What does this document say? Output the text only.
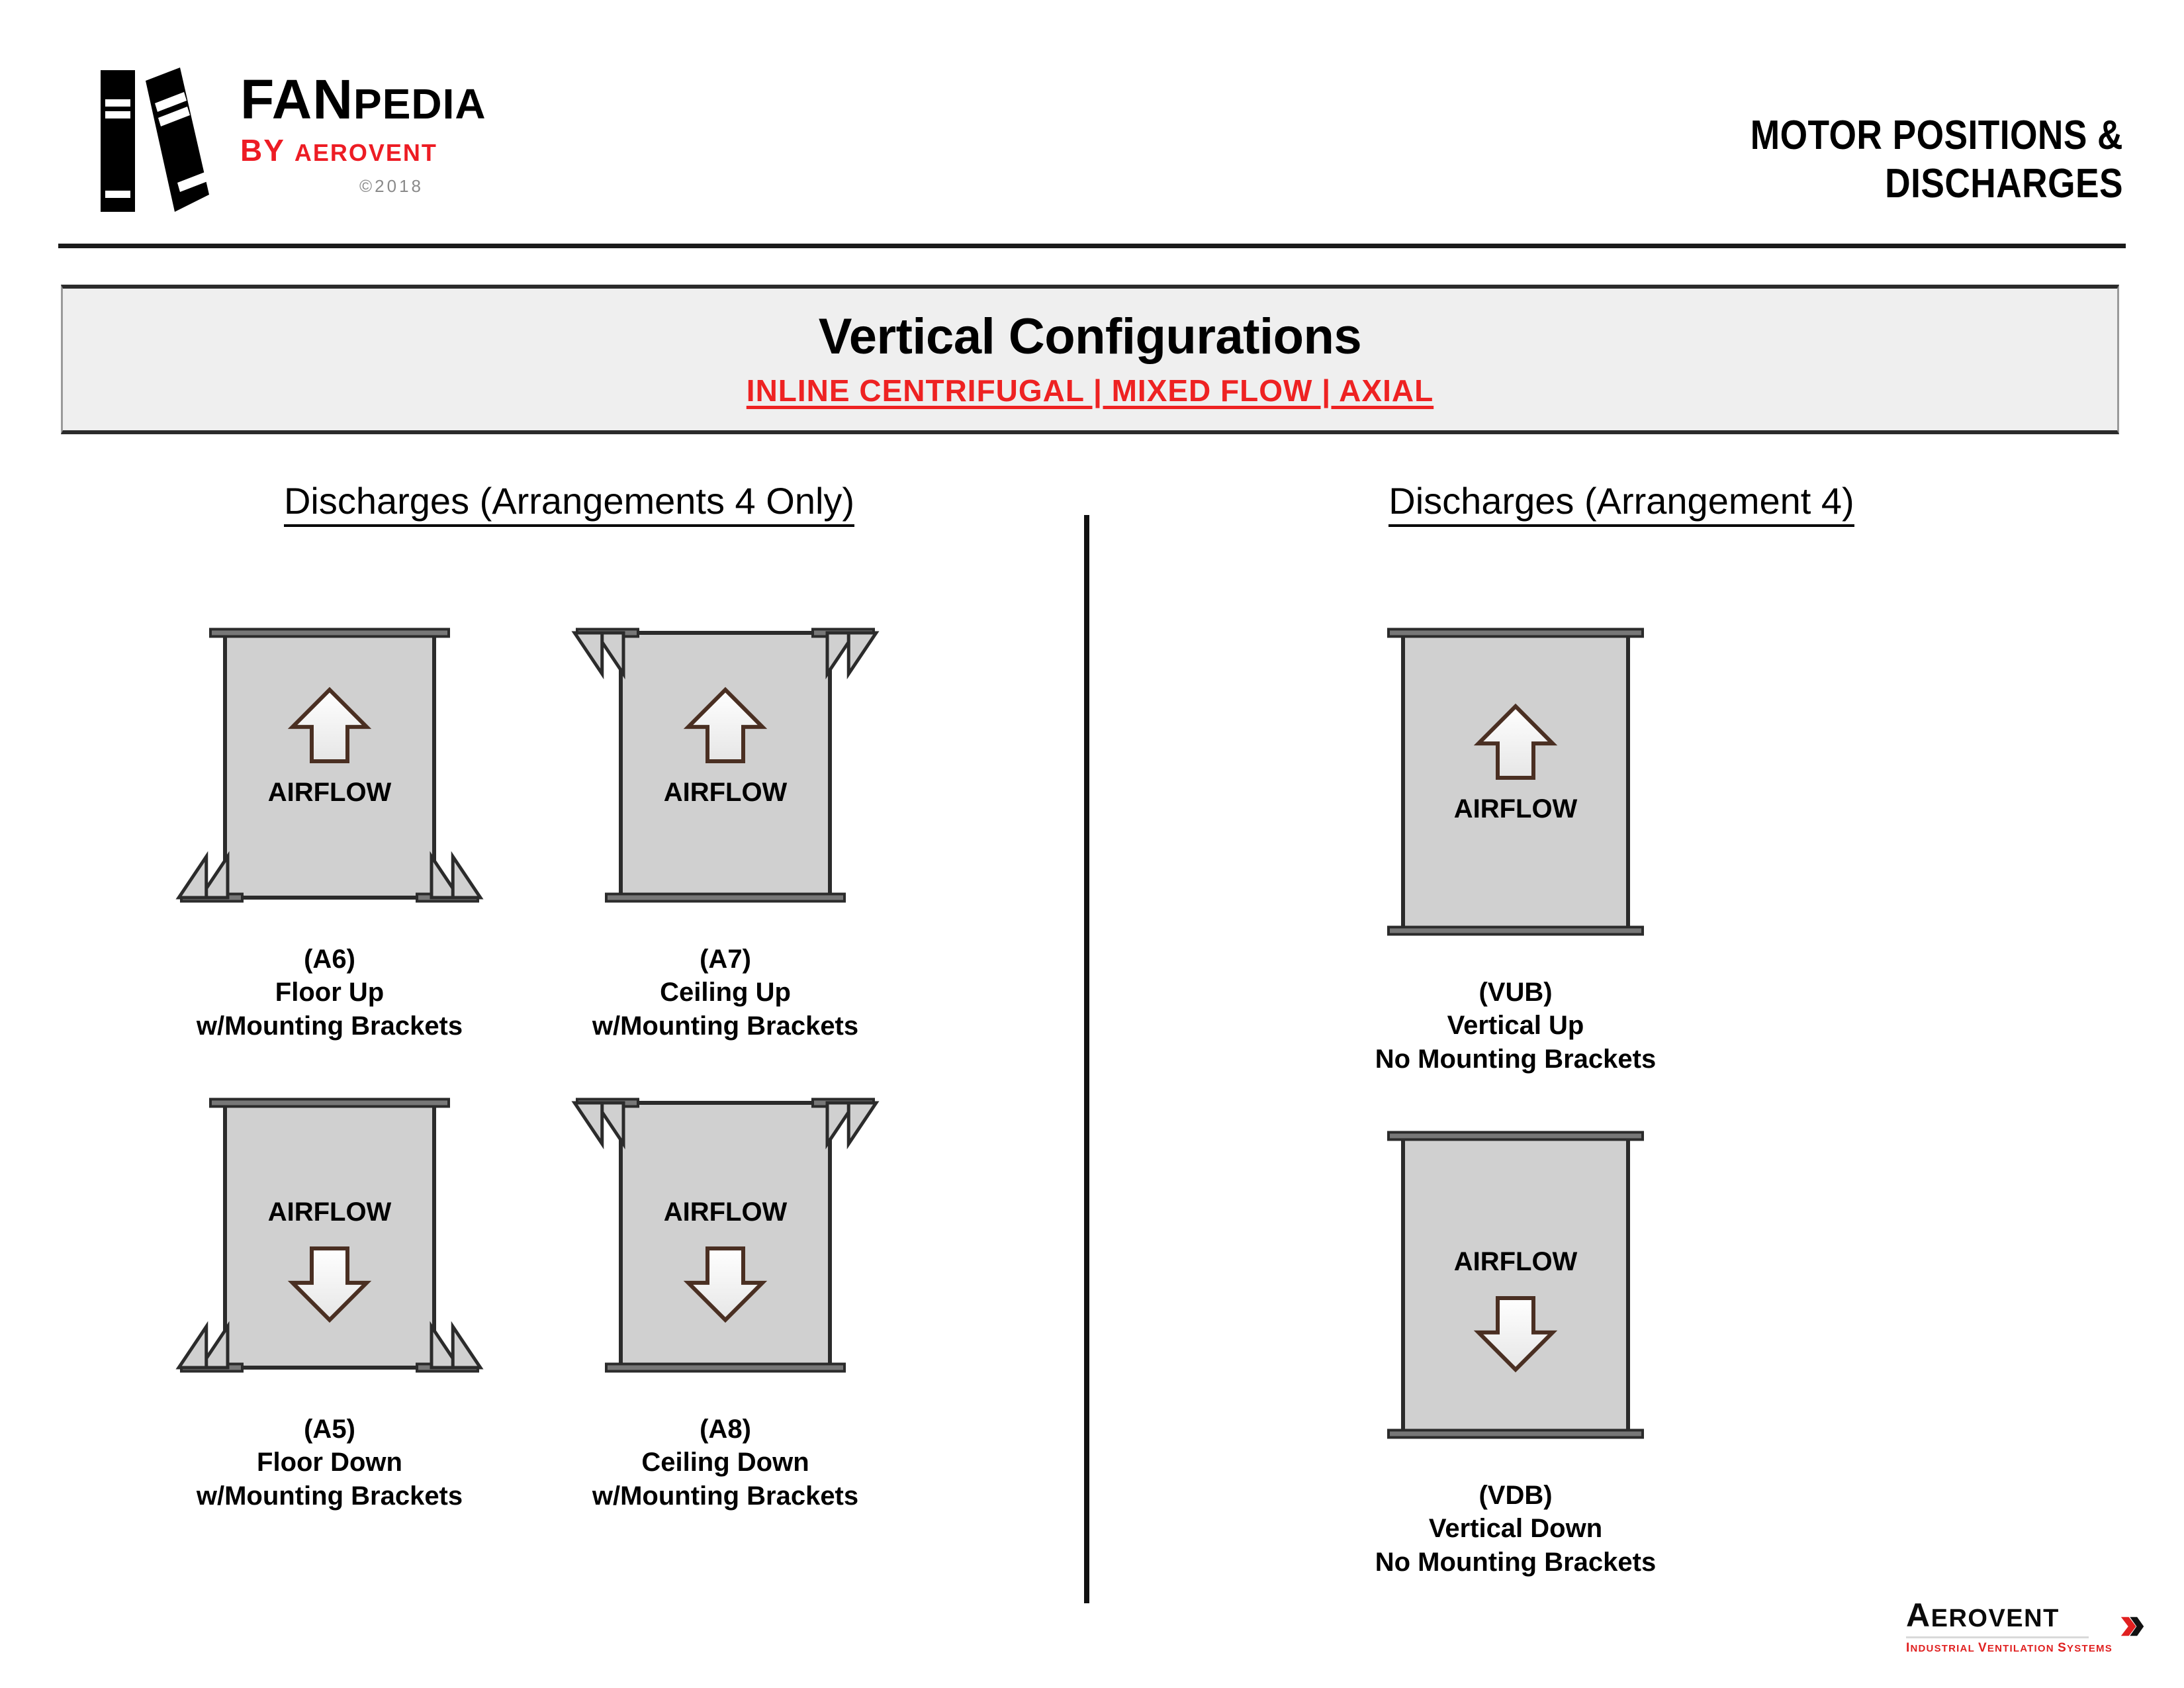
FANPEDIA
BY AEROVENT
©2018
MOTOR POSITIONS &
DISCHARGES
Vertical Configurations
INLINE CENTRIFUGAL | MIXED FLOW | AXIAL
Discharges (Arrangements 4 Only)	Discharges (Arrangement 4)
AIRFLOW
(A6)
Floor Up
w/Mounting Brackets
AIRFLOW
(A7)
Ceiling Up
w/Mounting Brackets
AIRFLOW
(A5)
Floor Down
w/Mounting Brackets
AIRFLOW
(A8)
Ceiling Down
w/Mounting Brackets
AIRFLOW
(VUB)
Vertical Up
No Mounting Brackets
AIRFLOW
(VDB)
Vertical Down
No Mounting Brackets
AEROVENT
INDUSTRIAL VENTILATION SYSTEMS
